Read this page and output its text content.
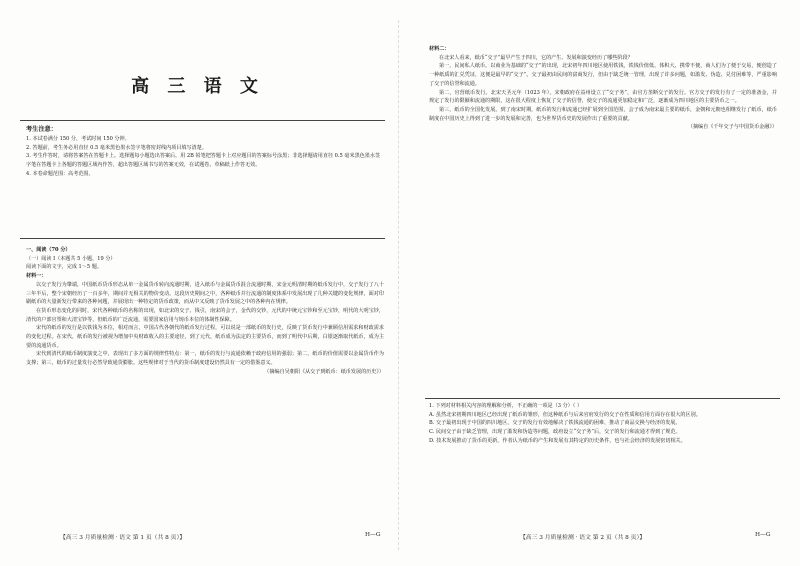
高 三 语 文
考生注意：
1. 本试卷满分 150 分，考试时间 150 分钟。
2. 答题前，考生务必用直径 0.5 毫米黑色墨水签字笔将密封线内项目填写清楚。
3. 考生作答时，请将答案答在答题卡上。选择题每小题选出答案后，用 2B 铅笔把答题卡上对应题目的答案标号涂黑；非选择题请用直径 0.5 毫米黑色墨水签字笔在答题卡上各题的答题区域内作答，超出答题区域书写的答案无效，在试题卷、草稿纸上作答无效。
4. 本卷命题范围：高考范围。
一、阅读（70 分）
（一）阅读 Ⅰ（本题共 5 小题，19 分）
阅读下面的文字，完成 1～5 题。
材料一：

以交子发行为肇端，中国纸币货币形态从单一金属货币转向流通时期，进入纸币与金属货币混合流通时期，宋金元明清时期的纸币发行中，交子发行了八十三年半后，整个宋朝经历了一百多年，期间并无相关的物价变动。这段历史期间之中，各种纸币并行流通的制度体系中发展出现了几种关键的变化规律，面对印刷纸币的大量新发行带来的各种问题，并展现出一种特定的货币政策，而从中又反映了货币发展之中的各种内在规律。

在货币形态变化的同时，宋代各种纸币的名称的出现，如北宋的交子、钱引，南宋的会子，金代的交钞，元代的中统元宝钞和至元宝钞，明代的大明宝钞，清代的户部官票和大清宝钞等，但纸币的广泛流通，需要国家信用与铸币本位的体制性保障。

宋代的纸币的发行是以铁钱为本位，相对而言，中国古代各朝代的纸币发行过程，可以说是一部纸币的发行史，反映了货币发行中兼顾信用需求和财政需求的变化过程。在宋代，纸币的发行被视为增加中央财政收入的主要途径，到了元代，纸币成为法定的主要货币，而到了明代中后期，白银逐渐取代纸币，成为主要的流通货币。

宋代到清代的纸币制度演变之中，表现出了多方面的规律性特点：第一，纸币的发行与流通依赖于政府信用的强弱；第二，纸币的价值需要以金属货币作为支撑；第三，纸币的过量发行必然导致通货膨胀。这些规律对于当代的货币制度建设仍然具有一定的借鉴意义。

（摘编自吴朝阳《从交子到纸币：纸币发展的历史》）

【高三 3 月质量检测 · 语文 第 1 页（共 8 页）】	H—G
材料二：

在北宋人看来，纸币“交子”最早产生于四川，它的产生、发展和演变经历了哪些阶段？

第一，民间私人纸币。以商业为基础的“交子”的出现，北宋初年四川地区使用铁钱，铁钱价值低、体积大、携带不便，商人们为了便于交易，便创造了一种纸质的汇兑凭证，这便是最早的“交子”。交子最初由民间的富商发行，但由于缺乏统一管理，出现了许多问题，如滥发、伪造、兑付困难等，严重影响了交子的信誉和流通。

第二，官营纸币发行。北宋天圣元年（1023 年），宋朝政府在益州设立了“交子务”，由官方垄断交子的发行。官方交子的发行有了一定的准备金，并规定了发行的限额和流通的期限，这在很大程度上恢复了交子的信誉，使交子的流通更加稳定和广泛，逐渐成为四川地区的主要货币之一。

第三，纸币的全国化发展。到了南宋时期，纸币的发行和流通已经扩展到全国范围，会子成为南宋最主要的纸币，金朝和元朝也相继发行了纸币，纸币制度在中国历史上得到了进一步的发展和完善，也为世界货币史的发展作出了重要的贡献。

（摘编自《千年交子与中国货币金融》）

1. 下列对材料相关内容的理解和分析，不正确的一项是（3 分）（ ）

A. 虽然北宋初期四川地区已经出现了纸币的雏形，但这种纸币与后来官府发行的交子在性质和信用方面存在很大的区别。

B. 交子最初出现于中国的四川地区，交子的发行有效地解决了铁钱流通的困难，推动了商品交换与经济的发展。

C. 民间交子由于缺乏管理，出现了滥发和伪造等问题，政府设立“交子务”后，交子的发行和流通才得到了规范。

D. 技术发展推动了货币的更新，作者认为纸币的产生和发展有其特定的历史条件，也与社会经济的发展密切相关。

【高三 3 月质量检测 · 语文 第 2 页（共 8 页）】	H—G
